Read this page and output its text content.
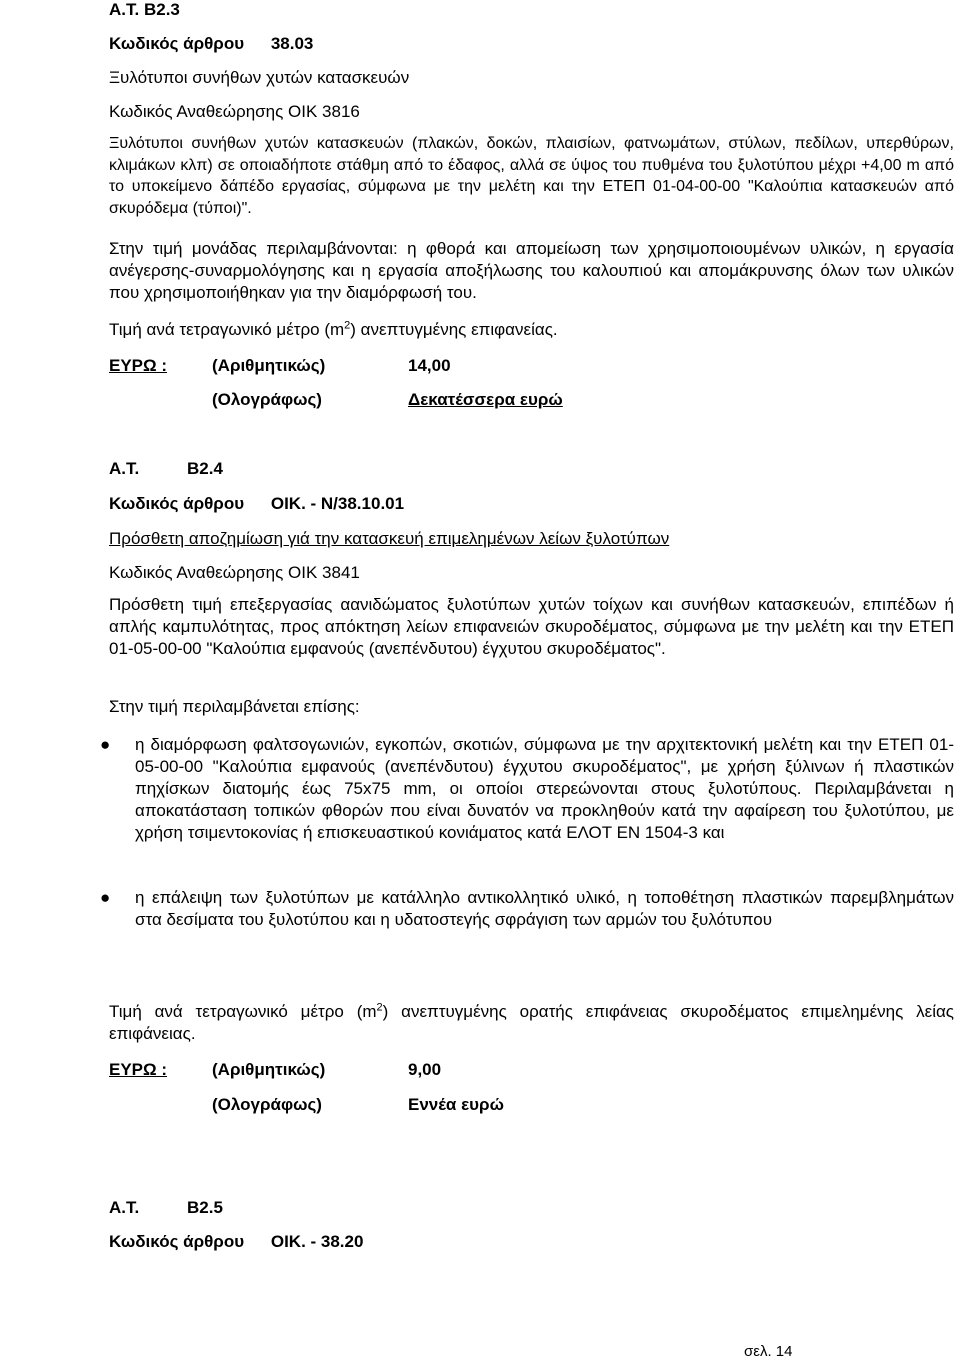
Α.Τ. Β2.3
Κωδικός άρθρου 38.03
Ξυλότυποι συνήθων χυτών κατασκευών
Κωδικός Αναθεώρησης ΟΙΚ 3816
Ξυλότυποι συνήθων χυτών κατασκευών (πλακών, δοκών, πλαισίων, φατνωμάτων, στύλων, πεδίλων, υπερθύρων, κλιμάκων κλπ) σε οποιαδήποτε στάθμη από το έδαφος, αλλά σε ύψος του πυθμένα του ξυλοτύπου μέχρι +4,00 m από το υποκείμενο δάπέδο εργασίας, σύμφωνα με την μελέτη και την ΕΤΕΠ 01-04-00-00 "Καλούπια κατασκευών από σκυρόδεμα (τύποι)".
Στην τιμή μονάδας περιλαμβάνονται: η φθορά και απομείωση των χρησιμοποιουμένων υλικών, η εργασία ανέγερσης-συναρμολόγησης και η εργασία αποξήλωσης του καλουπιού και απομάκρυνσης όλων των υλικών που χρησιμοποιήθηκαν για την διαμόρφωσή του.
Τιμή ανά τετραγωνικό μέτρο $(m^2)$ ανεπτυγμένης επιφανείας.
ΕΥΡΩ :	(Αριθμητικώς)	14,00
(Ολογράφως)	Δεκατέσσερα ευρώ
Α.Τ.	Β2.4
Κωδικός άρθρου ΟΙΚ. - Ν/38.10.01
Πρόσθετη αποζημίωση γιά την κατασκευή επιμελημένων λείων ξυλοτύπων
Κωδικός Αναθεώρησης ΟΙΚ 3841
Πρόσθετη τιμή επεξεργασίας αανιδώματος ξυλοτύπων χυτών τοίχων και συνήθων κατασκευών, επιπέδων ή απλής καμπυλότητας, προς απόκτηση λείων επιφανειών σκυροδέματος, σύμφωνα με την μελέτη και την ΕΤΕΠ 01-05-00-00 "Καλούπια εμφανούς (ανεπένδυτου) έγχυτου σκυροδέματος".
Στην τιμή περιλαμβάνεται επίσης:
● η διαμόρφωση φαλτσογωνιών, εγκοπών, σκοτιών, σύμφωνα με την αρχιτεκτονική μελέτη και την ΕΤΕΠ 01-05-00-00 "Καλούπια εμφανούς (ανεπένδυτου) έγχυτου σκυροδέματος", με χρήση ξύλινων ή πλαστικών πηχίσκων διατομής έως 75x75 mm, οι οποίοι στερεώνονται στους ξυλοτύπους. Περιλαμβάνεται η αποκατάσταση τοπικών φθορών που είναι δυνατόν να προκληθούν κατά την αφαίρεση του ξυλοτύπου, με χρήση τσιμεντοκονίας ή επισκευαστικού κονιάματος κατά ΕΛΟΤ ΕΝ 1504-3 και
● η επάλειψη των ξυλοτύπων με κατάλληλο αντικολλητικό υλικό, η τοποθέτηση πλαστικών παρεμβλημάτων στα δεσίματα του ξυλοτύπου και η υδατοστεγής σφράγιση των αρμών του ξυλότυπου
Τιμή ανά τετραγωνικό μέτρο $(m^2)$ ανεπτυγμένης ορατής επιφάνειας σκυροδέματος επιμελημένης λείας επιφάνειας.
ΕΥΡΩ :	(Αριθμητικώς)	9,00
(Ολογράφως)	Εννέα ευρώ
Α.Τ.	Β2.5
Κωδικός άρθρου ΟΙΚ. - 38.20
σελ. 14
